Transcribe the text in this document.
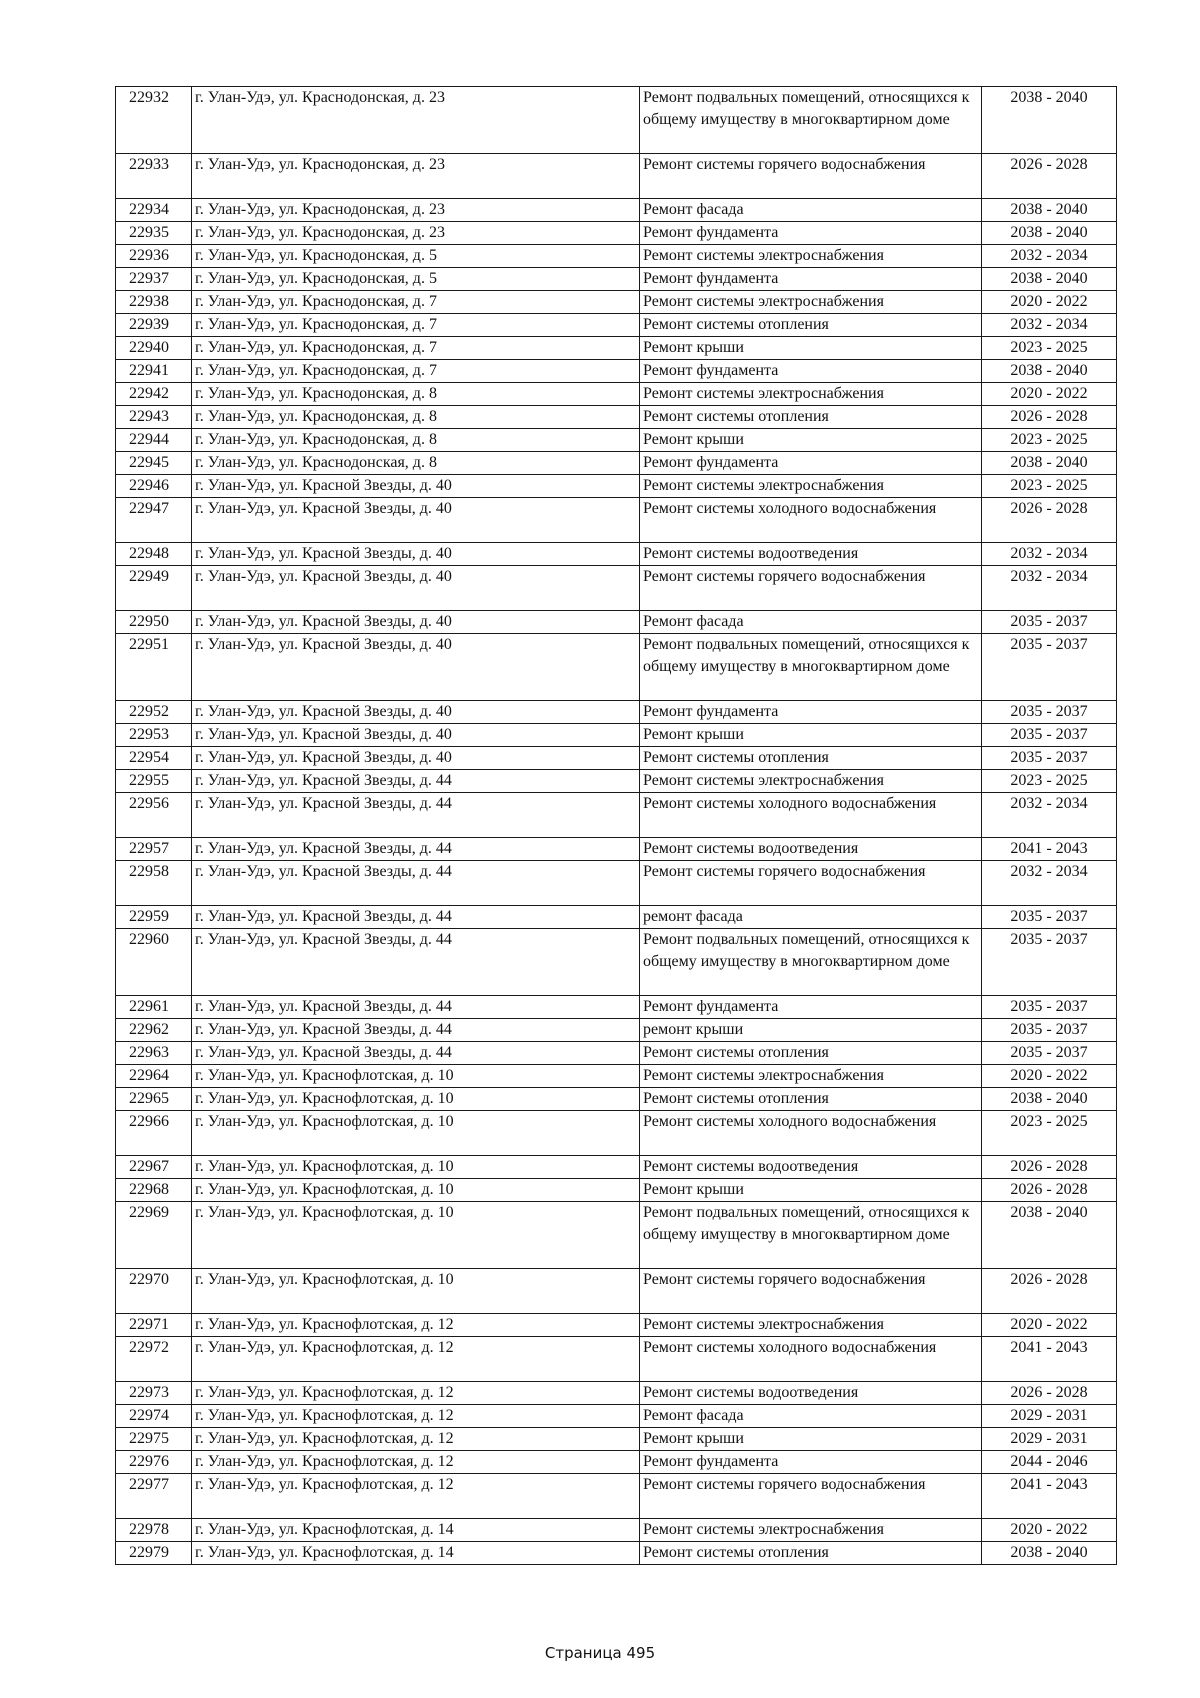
22932	г. Улан-Удэ, ул. Краснодонская, д. 23	Ремонт подвальных помещений, относящихся к общему имуществу в многоквартирном доме	2038 - 2040
22933	г. Улан-Удэ, ул. Краснодонская, д. 23	Ремонт системы горячего водоснабжения	2026 - 2028
22934	г. Улан-Удэ, ул. Краснодонская, д. 23	Ремонт фасада	2038 - 2040
22935	г. Улан-Удэ, ул. Краснодонская, д. 23	Ремонт фундамента	2038 - 2040
22936	г. Улан-Удэ, ул. Краснодонская, д. 5	Ремонт системы электроснабжения	2032 - 2034
22937	г. Улан-Удэ, ул. Краснодонская, д. 5	Ремонт фундамента	2038 - 2040
22938	г. Улан-Удэ, ул. Краснодонская, д. 7	Ремонт системы электроснабжения	2020 - 2022
22939	г. Улан-Удэ, ул. Краснодонская, д. 7	Ремонт системы отопления	2032 - 2034
22940	г. Улан-Удэ, ул. Краснодонская, д. 7	Ремонт крыши	2023 - 2025
22941	г. Улан-Удэ, ул. Краснодонская, д. 7	Ремонт фундамента	2038 - 2040
22942	г. Улан-Удэ, ул. Краснодонская, д. 8	Ремонт системы электроснабжения	2020 - 2022
22943	г. Улан-Удэ, ул. Краснодонская, д. 8	Ремонт системы отопления	2026 - 2028
22944	г. Улан-Удэ, ул. Краснодонская, д. 8	Ремонт крыши	2023 - 2025
22945	г. Улан-Удэ, ул. Краснодонская, д. 8	Ремонт фундамента	2038 - 2040
22946	г. Улан-Удэ, ул. Красной Звезды, д. 40	Ремонт системы электроснабжения	2023 - 2025
22947	г. Улан-Удэ, ул. Красной Звезды, д. 40	Ремонт системы холодного водоснабжения	2026 - 2028
22948	г. Улан-Удэ, ул. Красной Звезды, д. 40	Ремонт системы водоотведения	2032 - 2034
22949	г. Улан-Удэ, ул. Красной Звезды, д. 40	Ремонт системы горячего водоснабжения	2032 - 2034
22950	г. Улан-Удэ, ул. Красной Звезды, д. 40	Ремонт фасада	2035 - 2037
22951	г. Улан-Удэ, ул. Красной Звезды, д. 40	Ремонт подвальных помещений, относящихся к общему имуществу в многоквартирном доме	2035 - 2037
22952	г. Улан-Удэ, ул. Красной Звезды, д. 40	Ремонт фундамента	2035 - 2037
22953	г. Улан-Удэ, ул. Красной Звезды, д. 40	Ремонт крыши	2035 - 2037
22954	г. Улан-Удэ, ул. Красной Звезды, д. 40	Ремонт системы отопления	2035 - 2037
22955	г. Улан-Удэ, ул. Красной Звезды, д. 44	Ремонт системы электроснабжения	2023 - 2025
22956	г. Улан-Удэ, ул. Красной Звезды, д. 44	Ремонт системы холодного водоснабжения	2032 - 2034
22957	г. Улан-Удэ, ул. Красной Звезды, д. 44	Ремонт системы водоотведения	2041 - 2043
22958	г. Улан-Удэ, ул. Красной Звезды, д. 44	Ремонт системы горячего водоснабжения	2032 - 2034
22959	г. Улан-Удэ, ул. Красной Звезды, д. 44	ремонт фасада	2035 - 2037
22960	г. Улан-Удэ, ул. Красной Звезды, д. 44	Ремонт подвальных помещений, относящихся к общему имуществу в многоквартирном доме	2035 - 2037
22961	г. Улан-Удэ, ул. Красной Звезды, д. 44	Ремонт фундамента	2035 - 2037
22962	г. Улан-Удэ, ул. Красной Звезды, д. 44	ремонт крыши	2035 - 2037
22963	г. Улан-Удэ, ул. Красной Звезды, д. 44	Ремонт системы отопления	2035 - 2037
22964	г. Улан-Удэ, ул. Краснофлотская, д. 10	Ремонт системы электроснабжения	2020 - 2022
22965	г. Улан-Удэ, ул. Краснофлотская, д. 10	Ремонт системы отопления	2038 - 2040
22966	г. Улан-Удэ, ул. Краснофлотская, д. 10	Ремонт системы холодного водоснабжения	2023 - 2025
22967	г. Улан-Удэ, ул. Краснофлотская, д. 10	Ремонт системы водоотведения	2026 - 2028
22968	г. Улан-Удэ, ул. Краснофлотская, д. 10	Ремонт крыши	2026 - 2028
22969	г. Улан-Удэ, ул. Краснофлотская, д. 10	Ремонт подвальных помещений, относящихся к общему имуществу в многоквартирном доме	2038 - 2040
22970	г. Улан-Удэ, ул. Краснофлотская, д. 10	Ремонт системы горячего водоснабжения	2026 - 2028
22971	г. Улан-Удэ, ул. Краснофлотская, д. 12	Ремонт системы электроснабжения	2020 - 2022
22972	г. Улан-Удэ, ул. Краснофлотская, д. 12	Ремонт системы холодного водоснабжения	2041 - 2043
22973	г. Улан-Удэ, ул. Краснофлотская, д. 12	Ремонт системы водоотведения	2026 - 2028
22974	г. Улан-Удэ, ул. Краснофлотская, д. 12	Ремонт фасада	2029 - 2031
22975	г. Улан-Удэ, ул. Краснофлотская, д. 12	Ремонт крыши	2029 - 2031
22976	г. Улан-Удэ, ул. Краснофлотская, д. 12	Ремонт фундамента	2044 - 2046
22977	г. Улан-Удэ, ул. Краснофлотская, д. 12	Ремонт системы горячего водоснабжения	2041 - 2043
22978	г. Улан-Удэ, ул. Краснофлотская, д. 14	Ремонт системы электроснабжения	2020 - 2022
22979	г. Улан-Удэ, ул. Краснофлотская, д. 14	Ремонт системы отопления	2038 - 2040
Страница 495
